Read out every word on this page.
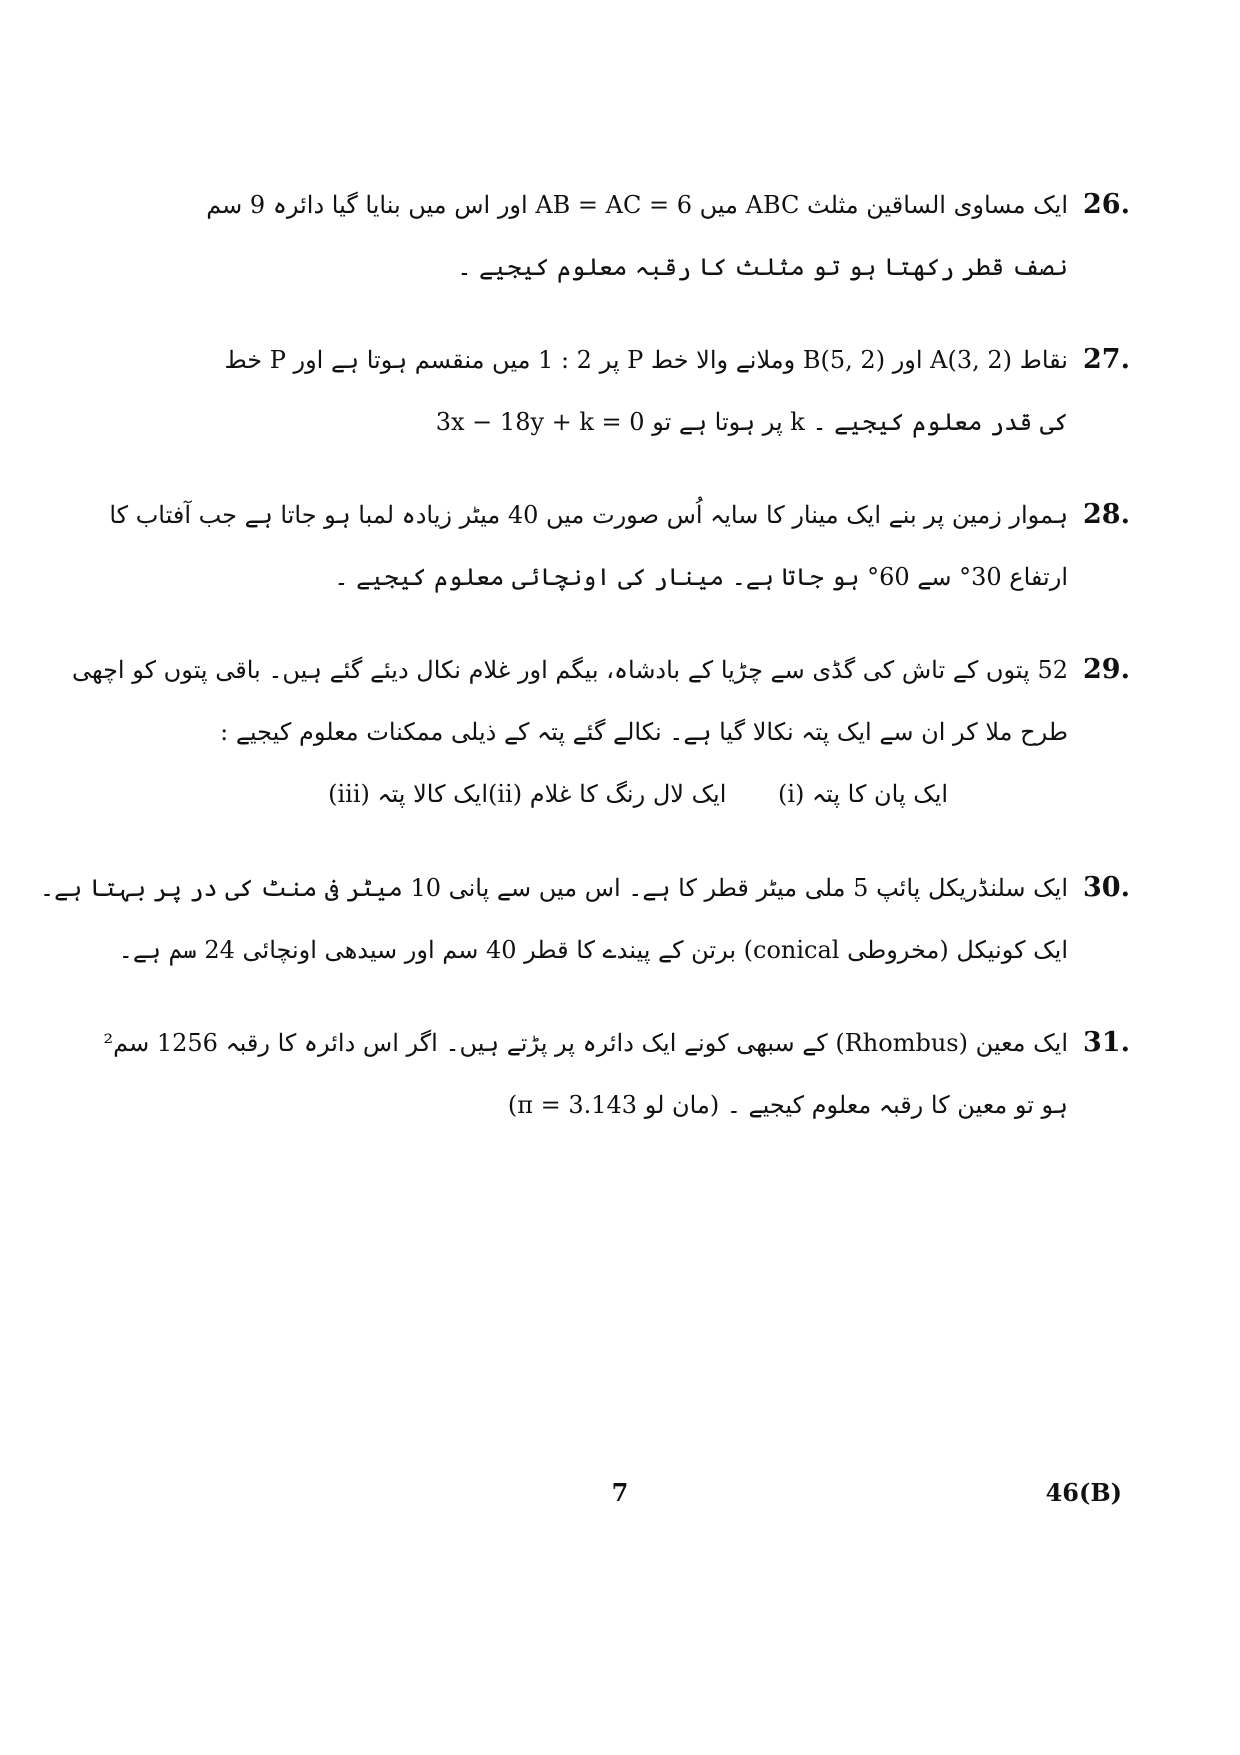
26.
ایک مساوی الساقین مثلث ABC میں AB = AC = 6 اور اس میں بنایا گیا دائرہ 9 سم
نصف قطر رکھتا ہو تو مثلث کا رقبہ معلوم کیجیے ۔
27.
نقاط A(3, 2) اور B(5, 2) وملانے والا خط P پر 2 : 1 میں منقسم ہوتا ہے اور P خط
3x − 18y + k = 0 پر ہوتا ہے تو k کی قدر معلوم کیجیے ۔
28.
ہموار زمین پر بنے ایک مینار کا سایہ اُس صورت میں 40 میٹر زیادہ لمبا ہو جاتا ہے جب آفتاب کا
ارتفاع 30° سے 60° ہو جاتا ہے۔ مینار کی اونچائی معلوم کیجیے ۔
29.
52 پتوں کے تاش کی گڈی سے چڑیا کے بادشاہ، بیگم اور غلام نکال دیئے گئے ہیں۔ باقی پتوں کو اچھی
طرح ملا کر ان سے ایک پتہ نکالا گیا ہے۔ نکالے گئے پتہ کے ذیلی ممکنات معلوم کیجیے :
(i) ایک پان کا پتہ
(ii) ایک لال رنگ کا غلام
(iii) ایک کالا پتہ
30.
ایک سلنڈریکل پائپ 5 ملی میٹر قطر کا ہے۔ اس میں سے پانی 10 میٹر فی منٹ کی در پر بہتا ہے۔
ایک کونیکل (مخروطی conical) برتن کے پیندے کا قطر 40 سم اور سیدھی اونچائی 24 سم ہے۔
31.
ایک معین (Rhombus) کے سبھی کونے ایک دائرہ پر پڑتے ہیں۔ اگر اس دائرہ کا رقبہ 1256 سم²
ہو تو معین کا رقبہ معلوم کیجیے ۔ (مان لو π = 3.143)
7	46(B)
